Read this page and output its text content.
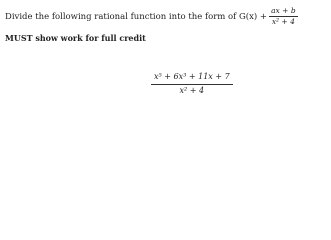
Divide the following rational function into the form of $G(x) + \frac{ax + b}{\text{x² + 4}}$
MUST show work for full credit
$\frac{\text{x⁵ + 6x³ + 11x + 7}}{\text{x² + 4}}$
